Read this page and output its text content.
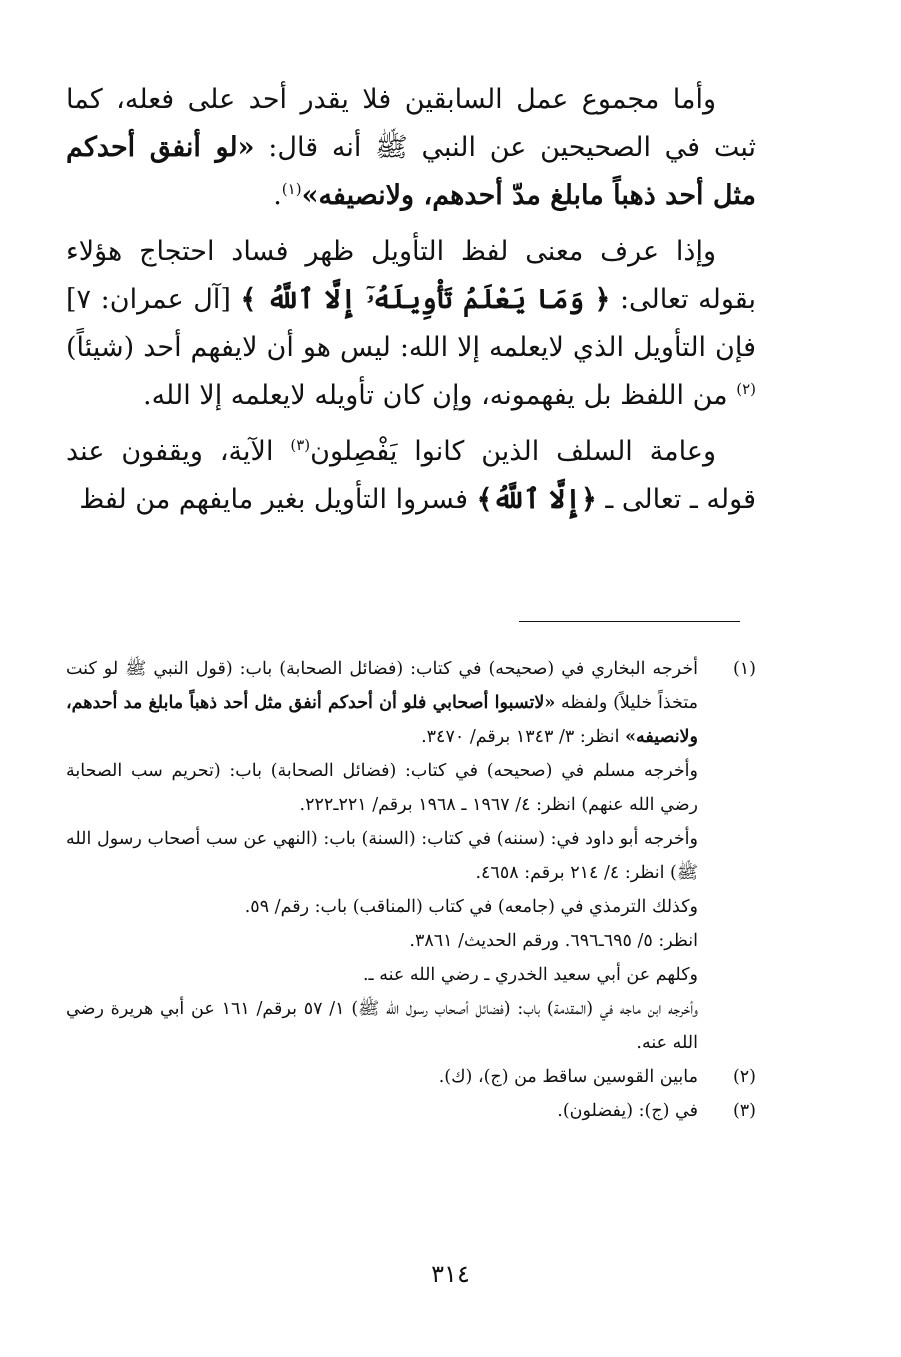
وأما مجموع عمل السابقين فلا يقدر أحد على فعله، كما ثبت في الصحيحين عن النبي ﷺ أنه قال: «لو أنفق أحدكم مثل أحد ذهباً مابلغ مدّ أحدهم، ولانصيفه»$^{(١)}$.

وإذا عرف معنى لفظ التأويل ظهر فساد احتجاج هؤلاء بقوله تعالى: ﴿ وَمَا يَعْلَمُ تَأْوِيلَهُۥٓ إِلَّا ٱللَّهُ ﴾ [آل عمران: ٧] فإن التأويل الذي لايعلمه إلا الله: ليس هو أن لايفهم أحد (شيئاً)$^{(٢)}$ من اللفظ بل يفهمونه، وإن كان تأويله لايعلمه إلا الله.

وعامة السلف الذين كانوا يَفْصِلون$^{(٣)}$ الآية، ويقفون عند قوله ـ تعالى ـ ﴿إِلَّا ٱللَّهُ﴾ فسروا التأويل بغير مايفهم من لفظ

(١)
أخرجه البخاري في (صحيحه) في كتاب: (فضائل الصحابة) باب: (قول النبي ﷺ لو كنت متخذاً خليلاً) ولفظه «لاتسبوا أصحابي فلو أن أحدكم أنفق مثل أحد ذهباً مابلغ مد أحدهم، ولانصيفه» انظر: ٣/ ١٣٤٣ برقم/ ٣٤٧٠.
وأخرجه مسلم في (صحيحه) في كتاب: (فضائل الصحابة) باب: (تحريم سب الصحابة رضي الله عنهم) انظر: ٤/ ١٩٦٧ ـ ١٩٦٨ برقم/ ٢٢١ـ٢٢٢.
وأخرجه أبو داود في: (سننه) في كتاب: (السنة) باب: (النهي عن سب أصحاب رسول الله ﷺ) انظر: ٤/ ٢١٤ برقم: ٤٦٥٨.
وكذلك الترمذي في (جامعه) في كتاب (المناقب) باب: رقم/ ٥٩.
انظر: ٥/ ٦٩٥ـ٦٩٦. ورقم الحديث/ ٣٨٦١.
وكلهم عن أبي سعيد الخدري ـ رضي الله عنه ـ.
وأخرجه ابن ماجه في (المقدمة) باب: (فضائل أصحاب رسول الله ﷺ) ١/ ٥٧ برقم/ ١٦١ عن أبي هريرة رضي الله عنه.
(٢)
مابين القوسين ساقط من (ج)، (ك).
(٣)
في (ج): (يفضلون).
٣١٤
